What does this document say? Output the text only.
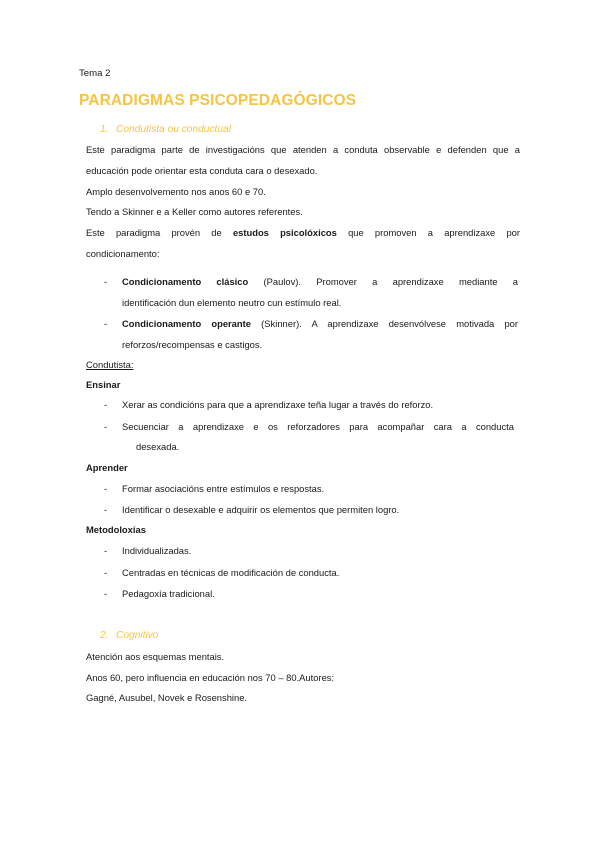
Tema 2
PARADIGMAS PSICOPEDAGÓGICOS
1. Condutista ou conductual
Este paradigma parte de investigacións que atenden a conduta observable e defenden que a
educación pode orientar esta conduta cara o desexado.
Amplo desenvolvemento nos anos 60 e 70.
Tendo a Skinner e a Keller como autores referentes.
Este paradigma provén de estudos psicolóxicos que promoven a aprendizaxe por
condicionamento:
- Condicionamento clásico (Paulov). Promover a aprendizaxe mediante a
identificación dun elemento neutro cun estímulo real.
- Condicionamento operante (Skinner). A aprendizaxe desenvólvese motivada por
reforzos/recompensas e castigos.
Condutista:
Ensinar
- Xerar as condicións para que a aprendizaxe teña lugar a través do reforzo.
- Secuenciar a aprendizaxe e os reforzadores para acompañar cara a conducta
desexada.
Aprender
- Formar asociacións entre estímulos e respostas.
- Identificar o desexable e adquirir os elementos que permiten logro.
Metodoloxías
- Individualizadas.
- Centradas en técnicas de modificación de conducta.
- Pedagoxía tradicional.
2. Cognitivo
Atención aos esquemas mentais.
Anos 60, pero influencia en educación nos 70 – 80.Autores:
Gagné, Ausubel, Novek e Rosenshine.
